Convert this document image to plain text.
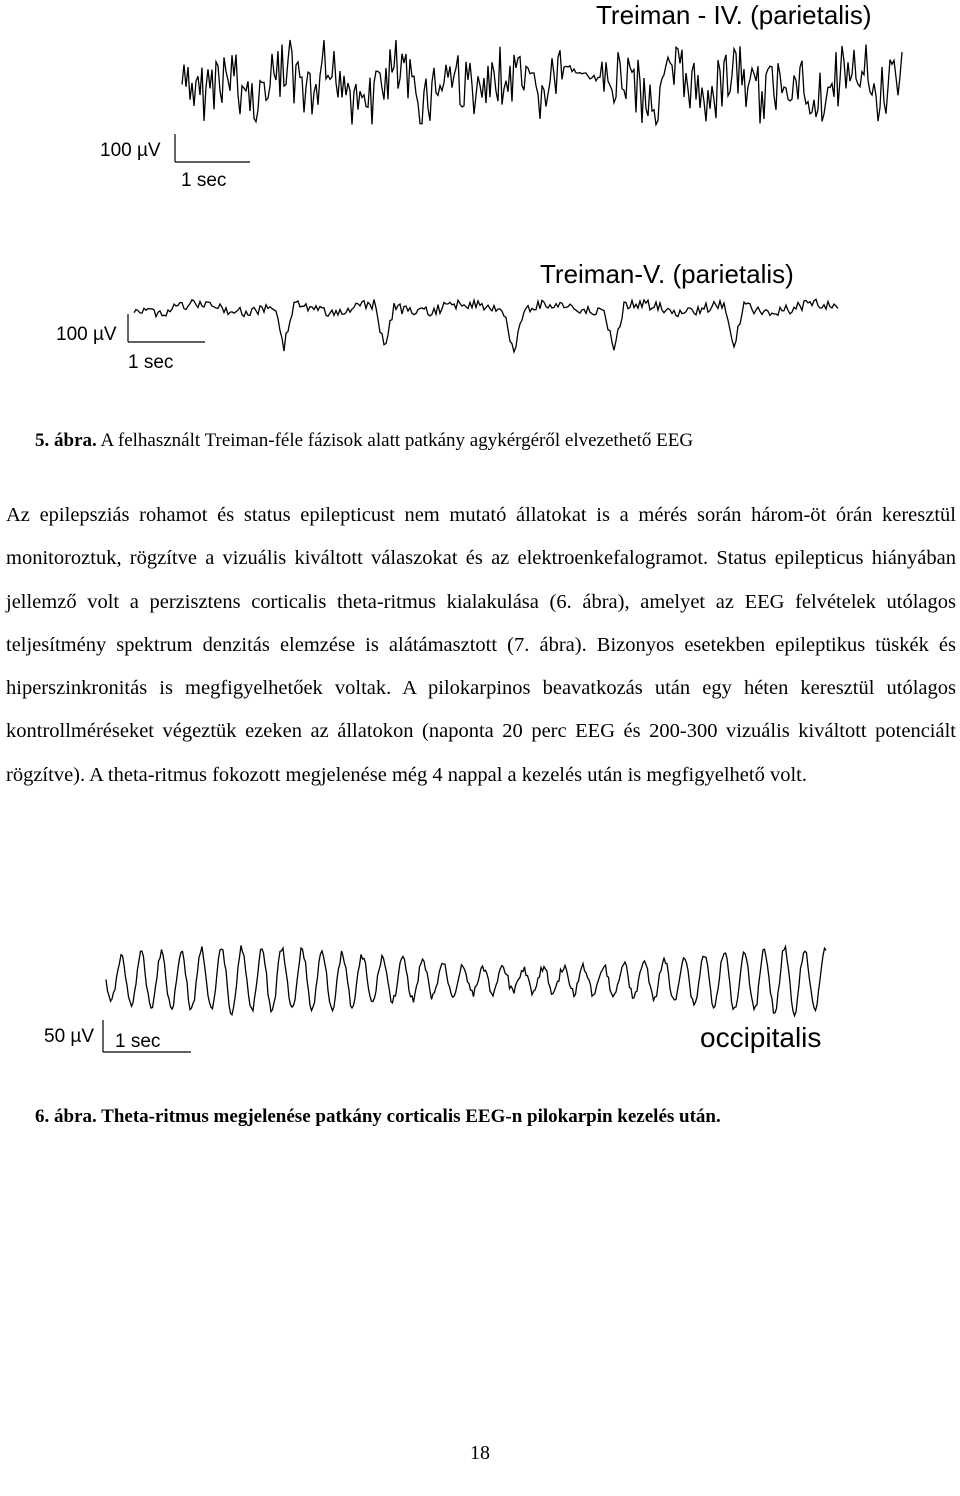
Treiman - IV. (parietalis)
100 µV
1 sec
Treiman-V. (parietalis)
100 µV
1 sec
5. ábra. A felhasznált Treiman-féle fázisok alatt patkány agykérgéről elvezethető EEG

Az epilepsziás rohamot és status epilepticust nem mutató állatokat is a mérés során három-öt órán keresztül monitoroztuk, rögzítve a vizuális kiváltott válaszokat és az elektroenkefalogramot. Status epilepticus hiányában jellemző volt a perzisztens corticalis theta-ritmus kialakulása (6. ábra), amelyet az EEG felvételek utólagos teljesítmény spektrum denzitás elemzése is alátámasztott (7. ábra). Bizonyos esetekben epileptikus tüskék és hiperszinkronitás is megfigyelhetőek voltak. A pilokarpinos beavatkozás után egy héten keresztül utólagos kontrollméréseket végeztük ezeken az állatokon (naponta 20 perc EEG és 200-300 vizuális kiváltott potenciált rögzítve). A theta-ritmus fokozott megjelenése még 4 nappal a kezelés után is megfigyelhető volt.

50 µV 1 sec	occipitalis
6. ábra. Theta-ritmus megjelenése patkány corticalis EEG-n pilokarpin kezelés után.
18
